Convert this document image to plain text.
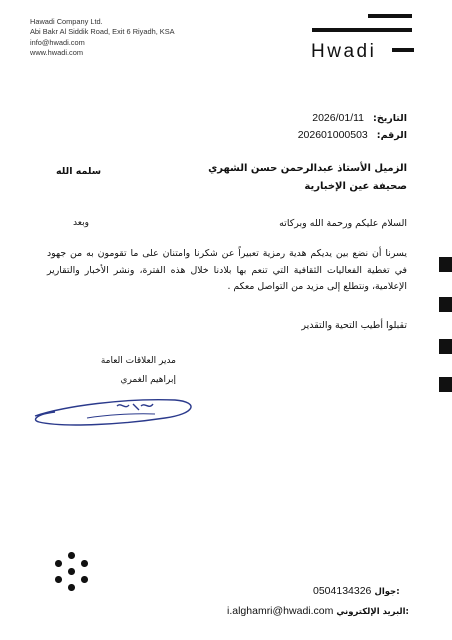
Hawadi Company Ltd.
Abi Bakr Al Siddik Road, Exit 6 Riyadh, KSA
info@hwadi.com
www.hwadi.com	Hwadi
التاريخ: 2026/01/11
الرقم: 202601000503
الزميل الأستاذ عبدالرحمن حسن الشهري
صحيفة عين الإخبارية
سلمه الله
السلام عليكم ورحمة الله وبركاته
وبعد
يسرنا أن نضع بين يديكم هدية رمزية تعبيراً عن شكرنا وامتنان على ما تقومون به من جهود في تغطية الفعاليات الثقافية التي تنعم بها بلادنا خلال هذه الفترة، ونشر الأخبار والتقارير الإعلامية، ونتطلع إلى مزيد من التواصل معكم .
تقبلوا أطيب التحية والتقدير
مدير العلاقات العامة
إبراهيم الغمري
0504134326 جوال:
i.alghamri@hwadi.com البريد الإلكتروني:
